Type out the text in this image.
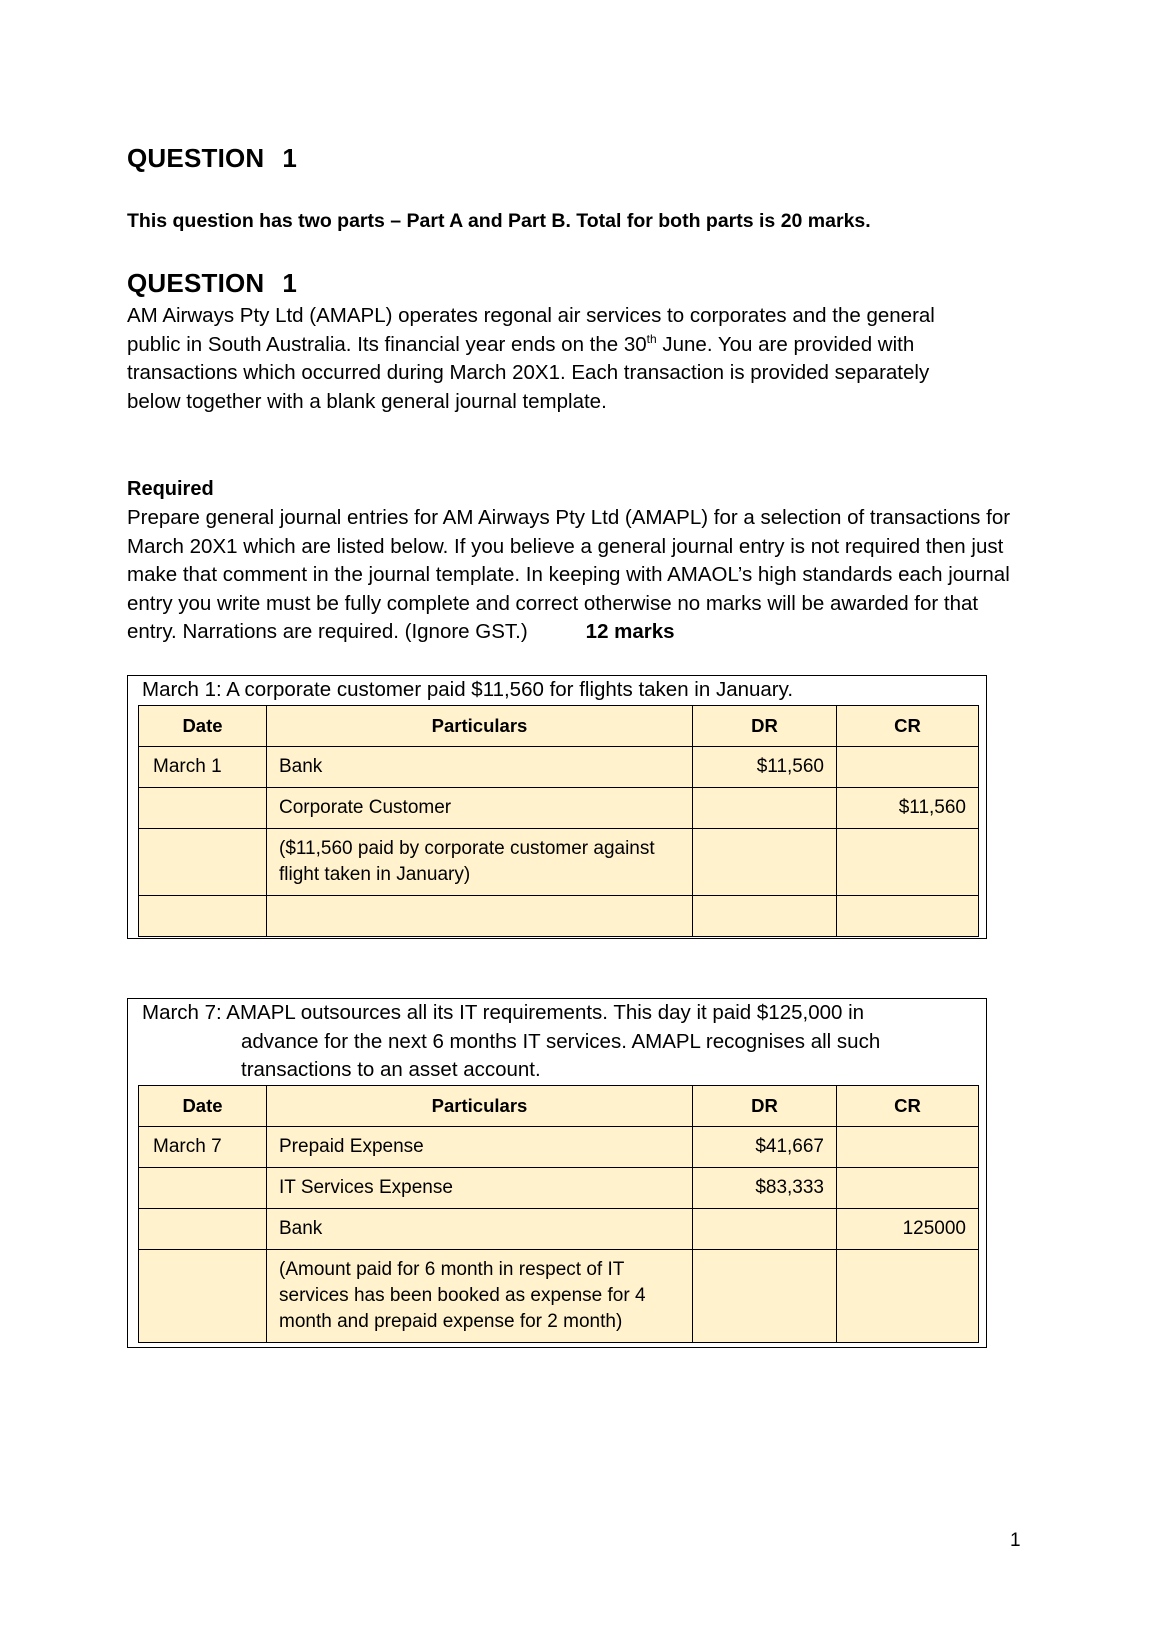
QUESTION 1
This question has two parts – Part A and Part B. Total for both parts is 20 marks.
QUESTION 1
AM Airways Pty Ltd (AMAPL) operates regonal air services to corporates and the general public in South Australia. Its financial year ends on the 30th June. You are provided with transactions which occurred during March 20X1. Each transaction is provided separately below together with a blank general journal template.
Required
Prepare general journal entries for AM Airways Pty Ltd (AMAPL) for a selection of transactions for March 20X1 which are listed below. If you believe a general journal entry is not required then just make that comment in the journal template. In keeping with AMAOL’s high standards each journal entry you write must be fully complete and correct otherwise no marks will be awarded for that entry. Narrations are required. (Ignore GST.)	12 marks
March 1: A corporate customer paid $11,560 for flights taken in January.
Date	Particulars	DR	CR
March 1	Bank	$11,560	
	Corporate Customer		$11,560
	($11,560 paid by corporate customer against flight taken in January)		

March 7: AMAPL outsources all its IT requirements. This day it paid $125,000 in
advance for the next 6 months IT services. AMAPL recognises all such
transactions to an asset account.
Date	Particulars	DR	CR
March 7	Prepaid Expense	$41,667	
	IT Services Expense	$83,333	
	Bank		125000
	(Amount paid for 6 month in respect of IT services has been booked as expense for 4 month and prepaid expense for 2 month)		
1
